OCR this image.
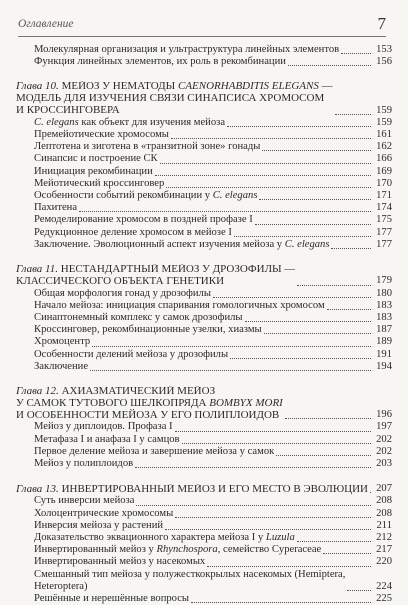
Оглавление	7
Молекулярная организация и ультраструктура линейных элементов	153
Функция линейных элементов, их роль в рекомбинации	156
Глава 10. МЕЙОЗ У НЕМАТОДЫ CAENORHABDITIS ELEGANS —
МОДЕЛЬ ДЛЯ ИЗУЧЕНИЯ СВЯЗИ СИНАПСИСА ХРОМОСОМ
И КРОССИНГОВЕРА	159
C. elegans как объект для изучения мейоза	159
Премейотические хромосомы	161
Лептотена и зиготена в «транзитной зоне» гонады	162
Синапсис и построение СК	166
Инициация рекомбинации	169
Мейотический кроссинговер	170
Особенности событий рекомбинации у C. elegans	171
Пахитена	174
Ремоделирование хромосом в поздней профазе I	175
Редукционное деление хромосом в мейозе I	177
Заключение. Эволюционный аспект изучения мейоза у C. elegans	177
Глава 11. НЕСТАНДАРТНЫЙ МЕЙОЗ У ДРОЗОФИЛЫ —
КЛАССИЧЕСКОГО ОБЪЕКТА ГЕНЕТИКИ	179
Общая морфология гонад у дрозофилы	180
Начало мейоза: инициация спаривания гомологичных хромосом	183
Синаптонемный комплекс у самок дрозофилы	183
Кроссинговер, рекомбинационные узелки, хиазмы	187
Хромоцентр	189
Особенности делений мейоза у дрозофилы	191
Заключение	194
Глава 12. АХИАЗМАТИЧЕСКИЙ МЕЙОЗ
У САМОК ТУТОВОГО ШЕЛКОПРЯДА BOMBYX MORI
И ОСОБЕННОСТИ МЕЙОЗА У ЕГО ПОЛИПЛОИДОВ	196
Мейоз у диплоидов. Профаза I	197
Метафаза I и анафаза I у самцов	202
Первое деление мейоза и завершение мейоза у самок	202
Мейоз у полиплоидов	203
Глава 13. ИНВЕРТИРОВАННЫЙ МЕЙОЗ И ЕГО МЕСТО В ЭВОЛЮЦИИ 207
Суть инверсии мейоза	208
Холоцентрические хромосомы	208
Инверсия мейоза у растений	211
Доказательство эквационного характера мейоза I у Luzula	212
Инвертированный мейоз у Rhynchospora, семейство Cyperaceae	217
Инвертированный мейоз у насекомых	220
Смешанный тип мейоза у полужесткокрылых насекомых (Hemiptera,
Heteroptera)	224
Решённые и нерешённые вопросы	225
